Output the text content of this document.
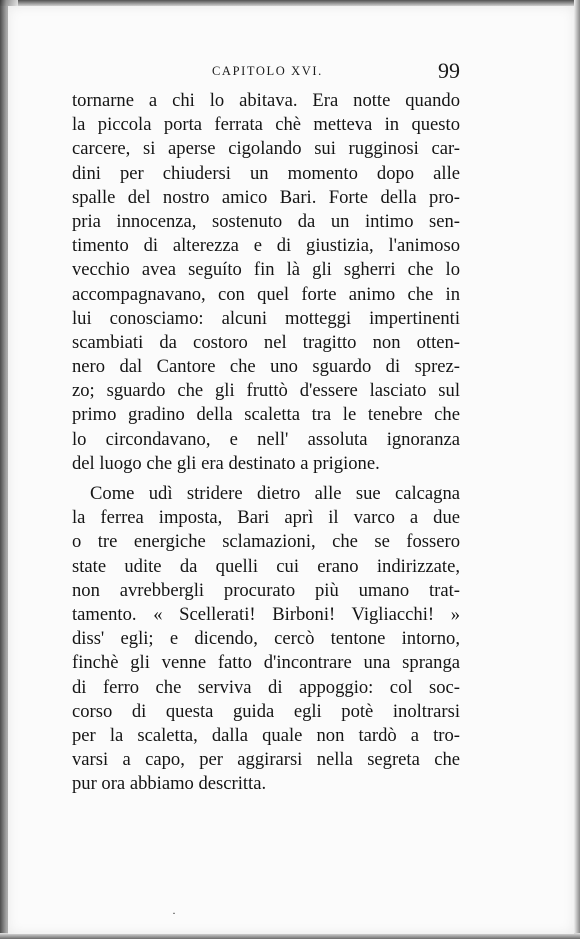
CAPITOLO XVI.	99
tornarne a chi lo abitava. Era notte quando
la piccola porta ferrata chè metteva in questo
carcere, si aperse cigolando sui rugginosi car-
dini per chiudersi un momento dopo alle
spalle del nostro amico Bari. Forte della pro-
pria innocenza, sostenuto da un intimo sen-
timento di alterezza e di giustizia, l'animoso
vecchio avea seguíto fin là gli sgherri che lo
accompagnavano, con quel forte animo che in
lui conosciamo: alcuni motteggi impertinenti
scambiati da costoro nel tragitto non otten-
nero dal Cantore che uno sguardo di sprez-
zo; sguardo che gli fruttò d'essere lasciato sul
primo gradino della scaletta tra le tenebre che
lo circondavano, e nell' assoluta ignoranza
del luogo che gli era destinato a prigione.
Come udì stridere dietro alle sue calcagna
la ferrea imposta, Bari aprì il varco a due
o tre energiche sclamazioni, che se fossero
state udite da quelli cui erano indirizzate,
non avrebbergli procurato più umano trat-
tamento. « Scellerati! Birboni! Vigliacchi! »
diss' egli; e dicendo, cercò tentone intorno,
finchè gli venne fatto d'incontrare una spranga
di ferro che serviva di appoggio: col soc-
corso di questa guida egli potè inoltrarsi
per la scaletta, dalla quale non tardò a tro-
varsi a capo, per aggirarsi nella segreta che
pur ora abbiamo descritta.
·
